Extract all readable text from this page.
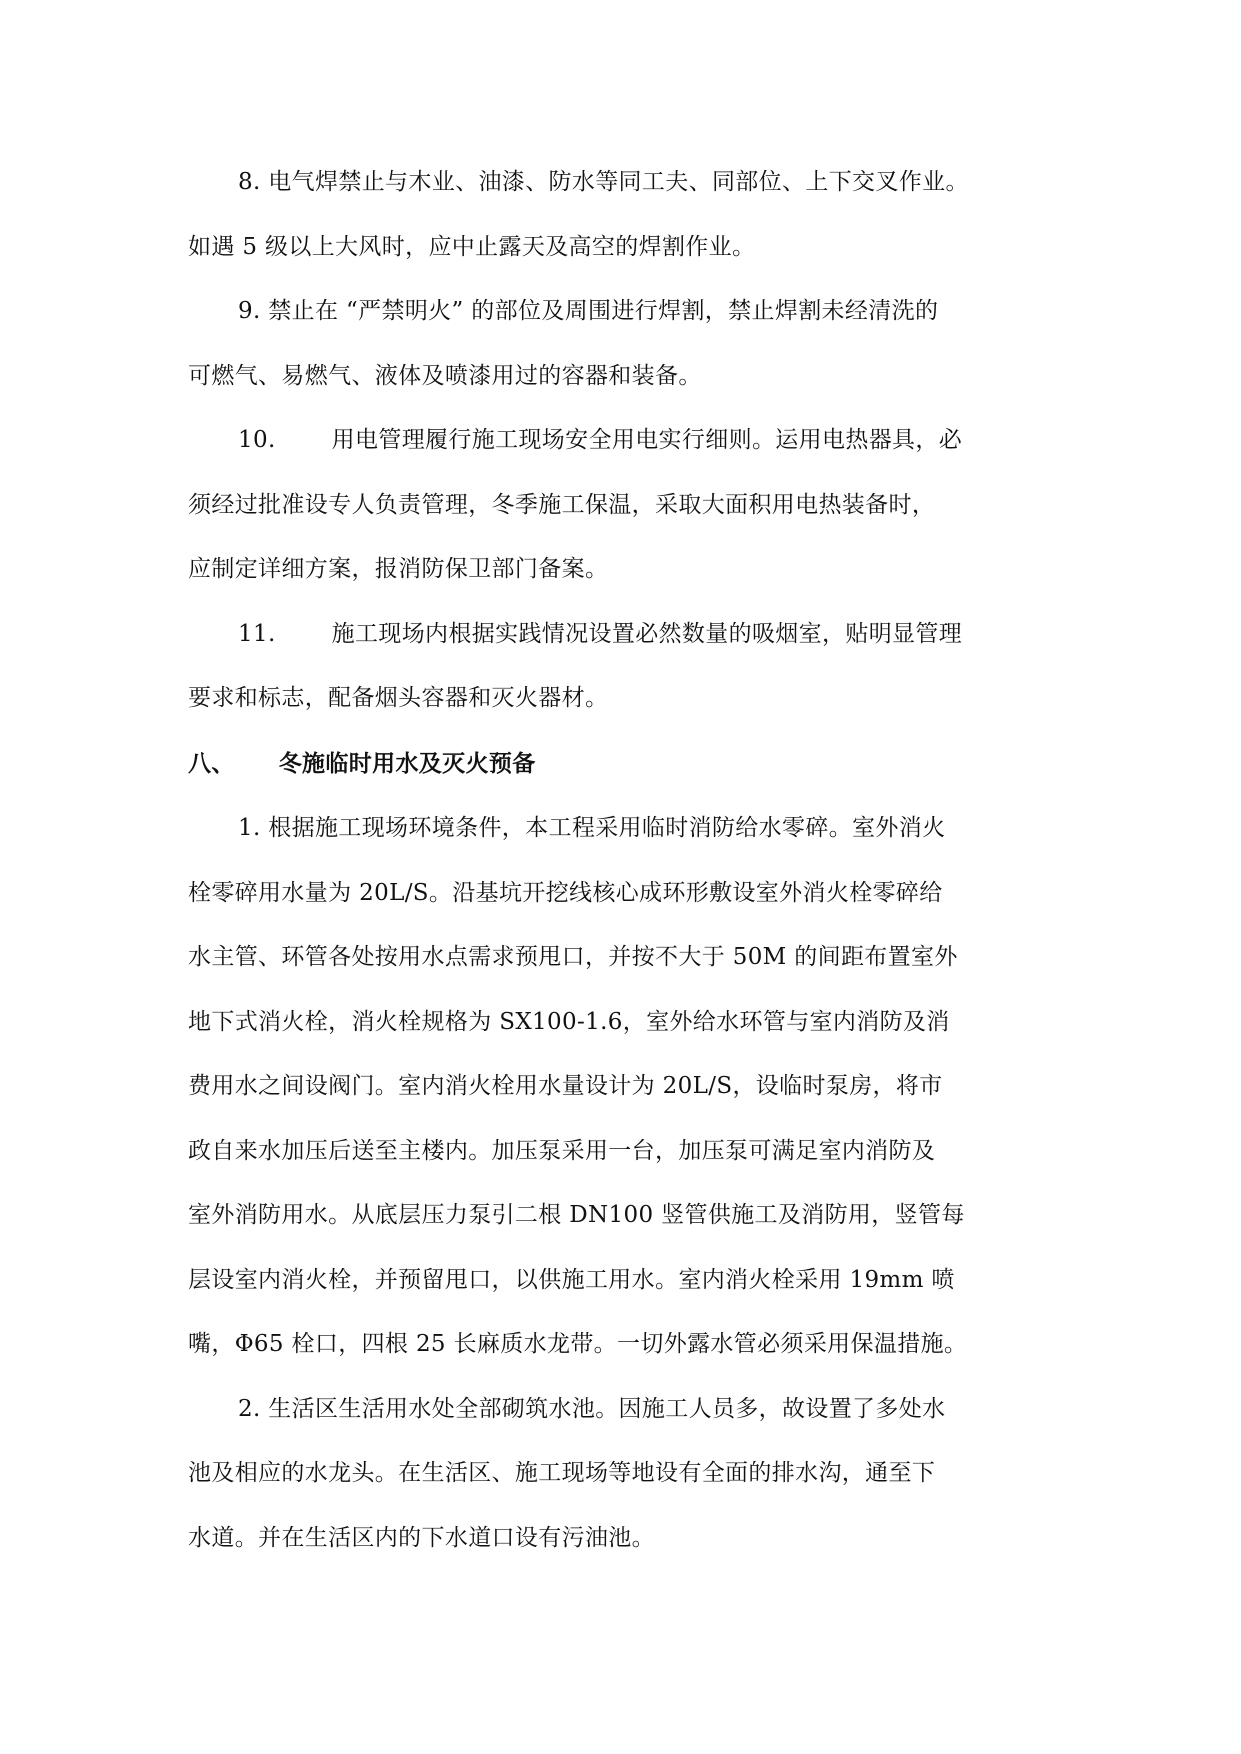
8. 电气焊禁止与木业、油漆、防水等同工夫、同部位、上下交叉作业。
如遇 5 级以上大风时，应中止露天及高空的焊割作业。
9. 禁止在 “严禁明火” 的部位及周围进行焊割，禁止焊割未经清洗的
可燃气、易燃气、液体及喷漆用过的容器和装备。
10. 用电管理履行施工现场安全用电实行细则。运用电热器具，必
须经过批准设专人负责管理，冬季施工保温，采取大面积用电热装备时，
应制定详细方案，报消防保卫部门备案。
11. 施工现场内根据实践情况设置必然数量的吸烟室，贴明显管理
要求和标志，配备烟头容器和灭火器材。
八、 冬施临时用水及灭火预备
1. 根据施工现场环境条件，本工程采用临时消防给水零碎。室外消火
栓零碎用水量为 20L/S。沿基坑开挖线核心成环形敷设室外消火栓零碎给
水主管、环管各处按用水点需求预甩口，并按不大于 50M 的间距布置室外
地下式消火栓，消火栓规格为 SX100-1.6，室外给水环管与室内消防及消
费用水之间设阀门。室内消火栓用水量设计为 20L/S，设临时泵房，将市
政自来水加压后送至主楼内。加压泵采用一台，加压泵可满足室内消防及
室外消防用水。从底层压力泵引二根 DN100 竖管供施工及消防用，竖管每
层设室内消火栓，并预留甩口，以供施工用水。室内消火栓采用 19mm 喷
嘴，Φ65 栓口，四根 25 长麻质水龙带。一切外露水管必须采用保温措施。
2. 生活区生活用水处全部砌筑水池。因施工人员多，故设置了多处水
池及相应的水龙头。在生活区、施工现场等地设有全面的排水沟，通至下
水道。并在生活区内的下水道口设有污油池。
